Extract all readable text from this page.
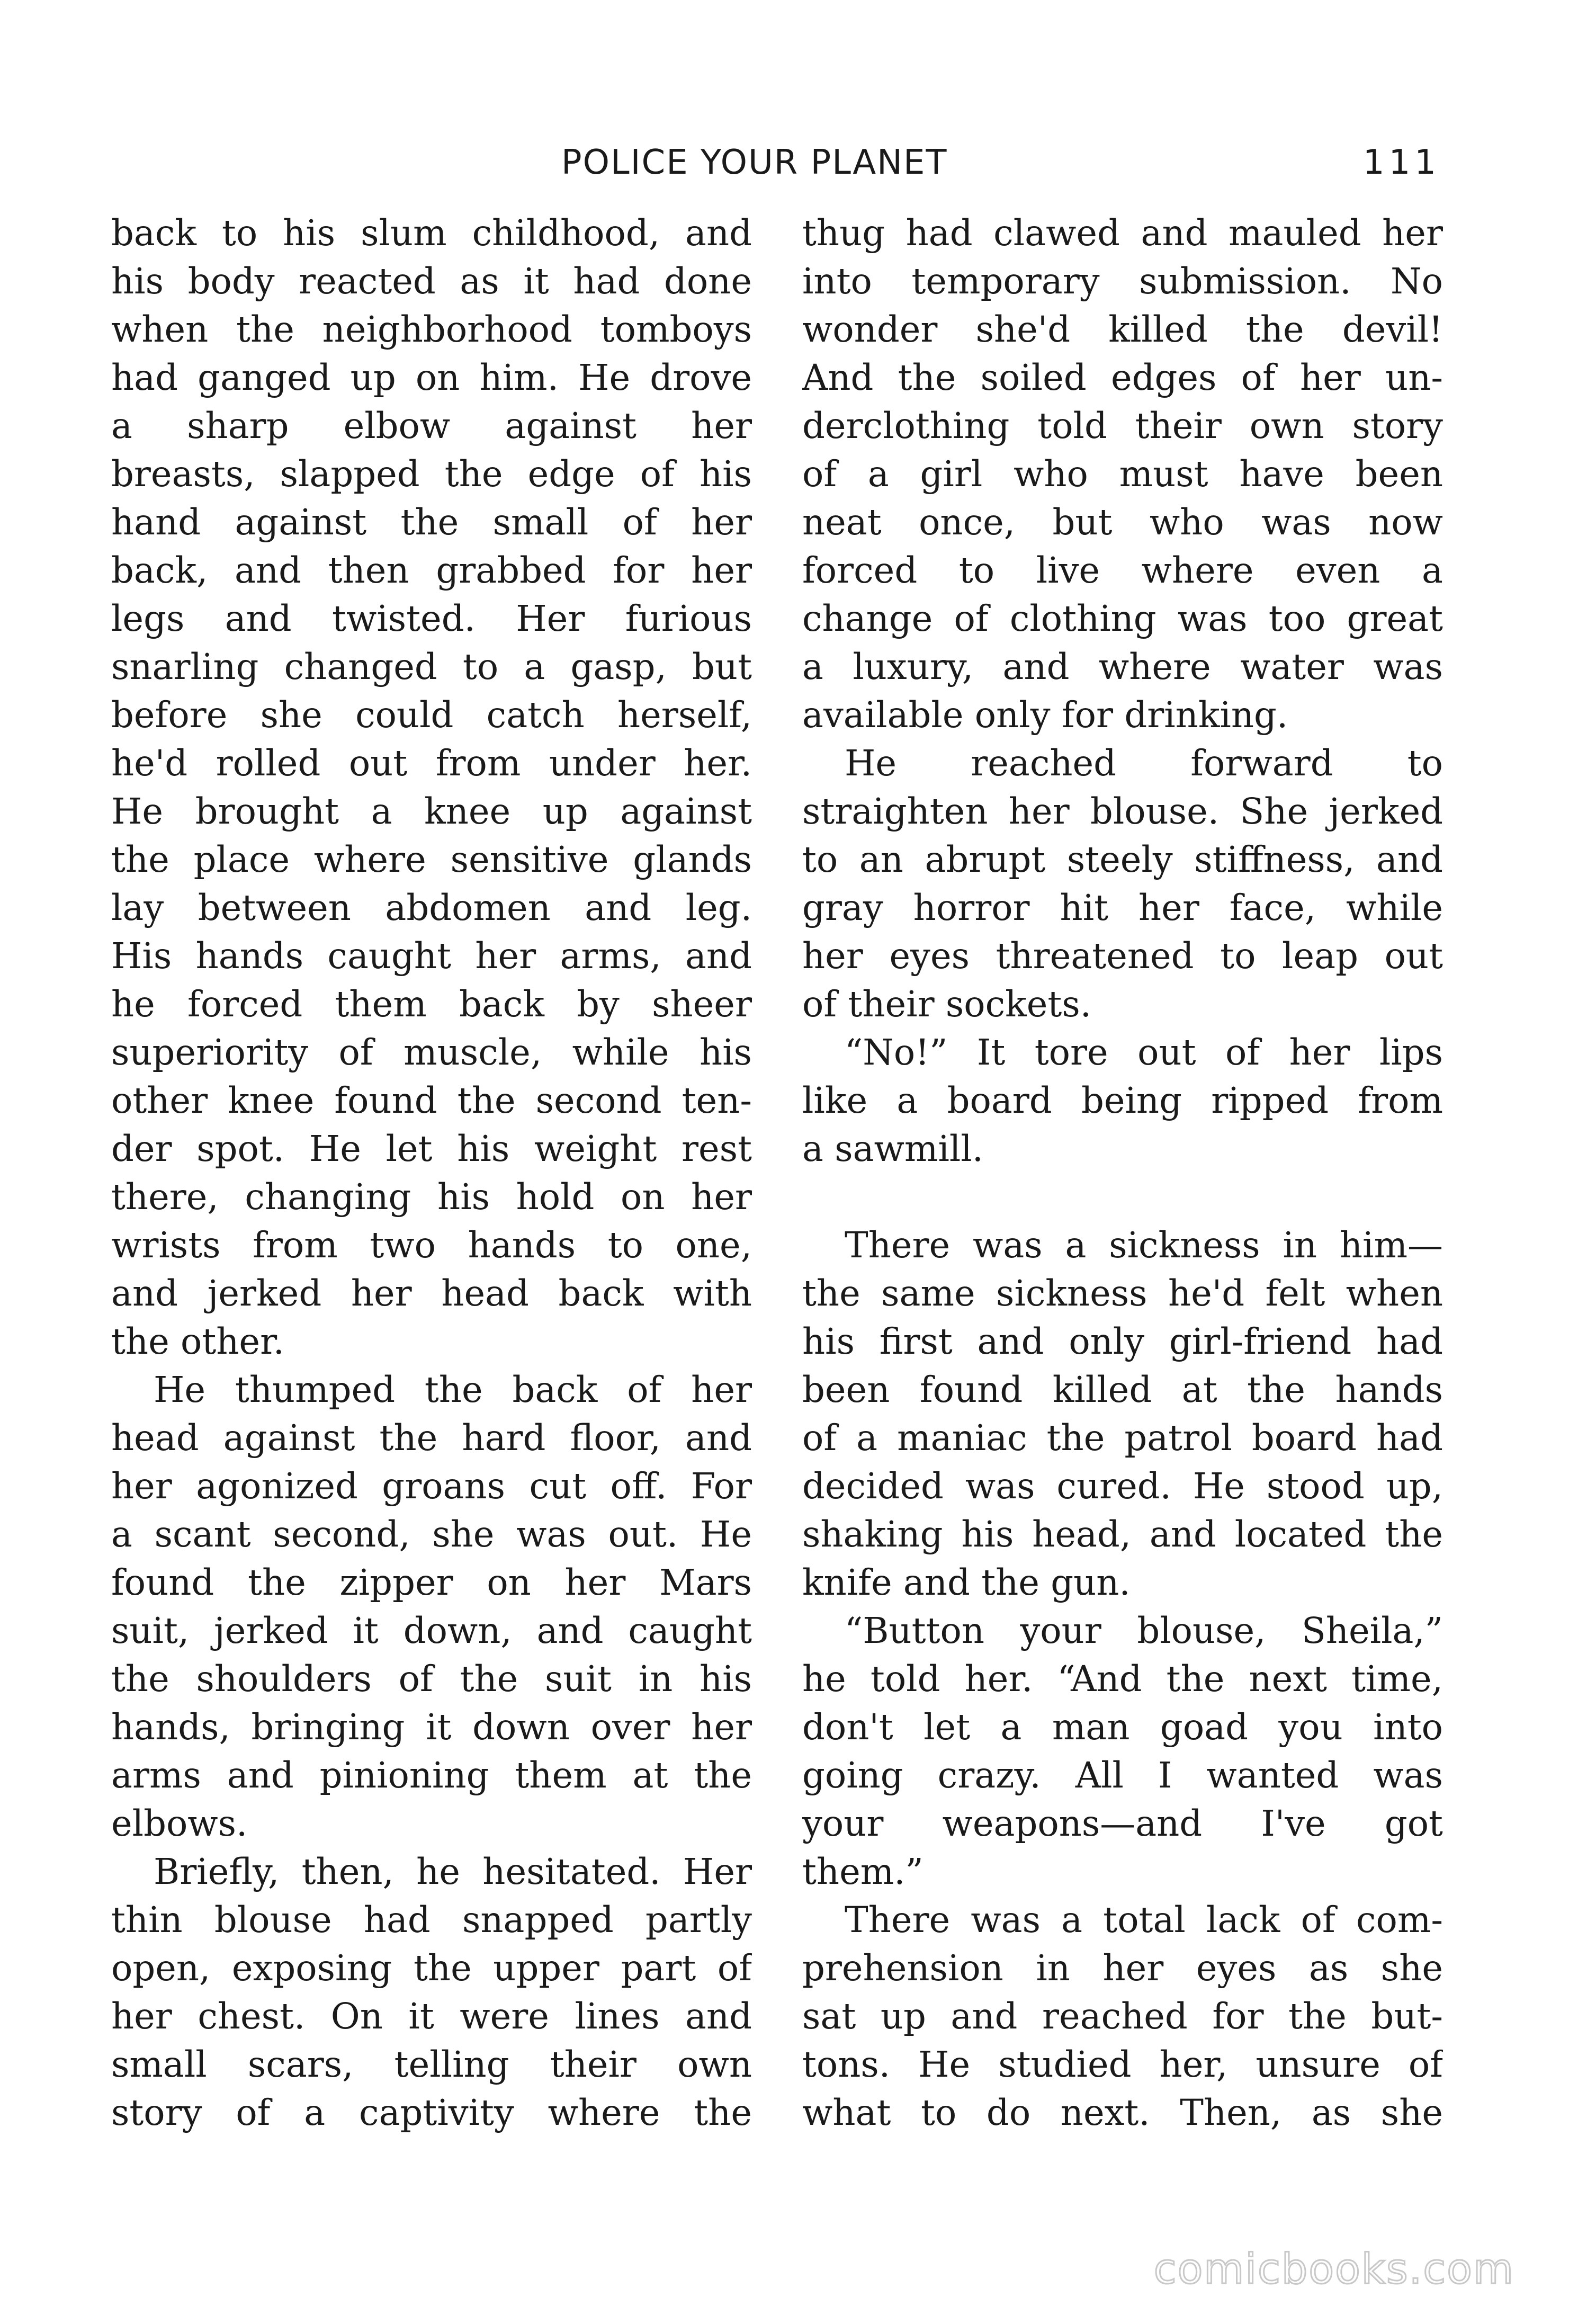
POLICE YOUR PLANET	111
back to his slum childhood, and
his body reacted as it had done
when the neighborhood tomboys
had ganged up on him. He drove
a sharp elbow against her
breasts, slapped the edge of his
hand against the small of her
back, and then grabbed for her
legs and twisted. Her furious
snarling changed to a gasp, but
before she could catch herself,
he'd rolled out from under her.
He brought a knee up against
the place where sensitive glands
lay between abdomen and leg.
His hands caught her arms, and
he forced them back by sheer
superiority of muscle, while his
other knee found the second ten-
der spot. He let his weight rest
there, changing his hold on her
wrists from two hands to one,
and jerked her head back with
the other.
He thumped the back of her
head against the hard floor, and
her agonized groans cut off. For
a scant second, she was out. He
found the zipper on her Mars
suit, jerked it down, and caught
the shoulders of the suit in his
hands, bringing it down over her
arms and pinioning them at the
elbows.
Briefly, then, he hesitated. Her
thin blouse had snapped partly
open, exposing the upper part of
her chest. On it were lines and
small scars, telling their own
story of a captivity where the
thug had clawed and mauled her
into temporary submission. No
wonder she'd killed the devil!
And the soiled edges of her un-
derclothing told their own story
of a girl who must have been
neat once, but who was now
forced to live where even a
change of clothing was too great
a luxury, and where water was
available only for drinking.
He reached forward to
straighten her blouse. She jerked
to an abrupt steely stiffness, and
gray horror hit her face, while
her eyes threatened to leap out
of their sockets.
“No!” It tore out of her lips
like a board being ripped from
a sawmill.
There was a sickness in him—
the same sickness he'd felt when
his first and only girl-friend had
been found killed at the hands
of a maniac the patrol board had
decided was cured. He stood up,
shaking his head, and located the
knife and the gun.
“Button your blouse, Sheila,”
he told her. “And the next time,
don't let a man goad you into
going crazy. All I wanted was
your weapons—and I've got
them.”
There was a total lack of com-
prehension in her eyes as she
sat up and reached for the but-
tons. He studied her, unsure of
what to do next. Then, as she
comicbooks.com
